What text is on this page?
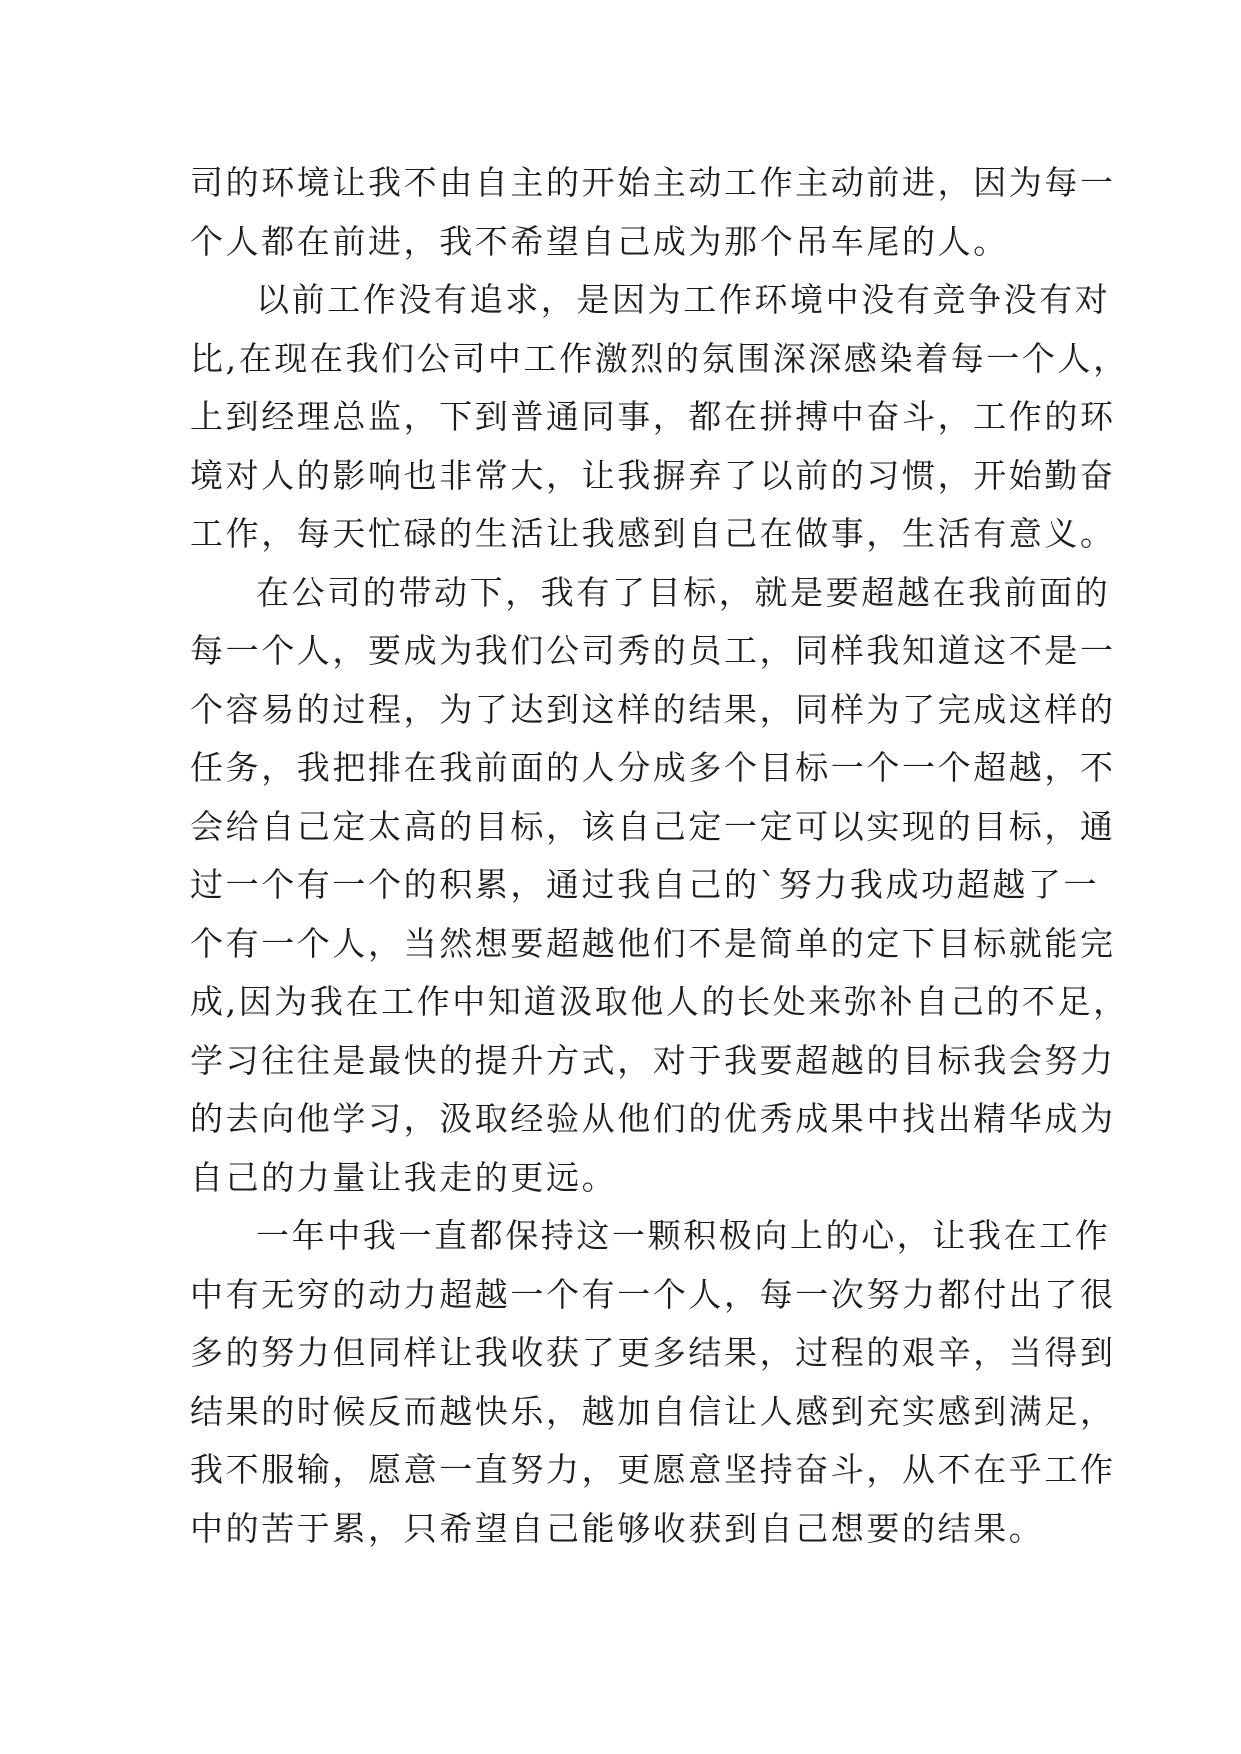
司的环境让我不由自主的开始主动工作主动前进，因为每一
个人都在前进，我不希望自己成为那个吊车尾的人。
以前工作没有追求，是因为工作环境中没有竞争没有对
比,在现在我们公司中工作激烈的氛围深深感染着每一个人，
上到经理总监，下到普通同事，都在拼搏中奋斗，工作的环
境对人的影响也非常大，让我摒弃了以前的习惯，开始勤奋
工作，每天忙碌的生活让我感到自己在做事，生活有意义。
在公司的带动下，我有了目标，就是要超越在我前面的
每一个人，要成为我们公司秀的员工，同样我知道这不是一
个容易的过程，为了达到这样的结果，同样为了完成这样的
任务，我把排在我前面的人分成多个目标一个一个超越，不
会给自己定太高的目标，该自己定一定可以实现的目标，通
过一个有一个的积累，通过我自己的`努力我成功超越了一
个有一个人，当然想要超越他们不是简单的定下目标就能完
成,因为我在工作中知道汲取他人的长处来弥补自己的不足，
学习往往是最快的提升方式，对于我要超越的目标我会努力
的去向他学习，汲取经验从他们的优秀成果中找出精华成为
自己的力量让我走的更远。
一年中我一直都保持这一颗积极向上的心，让我在工作
中有无穷的动力超越一个有一个人，每一次努力都付出了很
多的努力但同样让我收获了更多结果，过程的艰辛，当得到
结果的时候反而越快乐，越加自信让人感到充实感到满足，
我不服输，愿意一直努力，更愿意坚持奋斗，从不在乎工作
中的苦于累，只希望自己能够收获到自己想要的结果。
